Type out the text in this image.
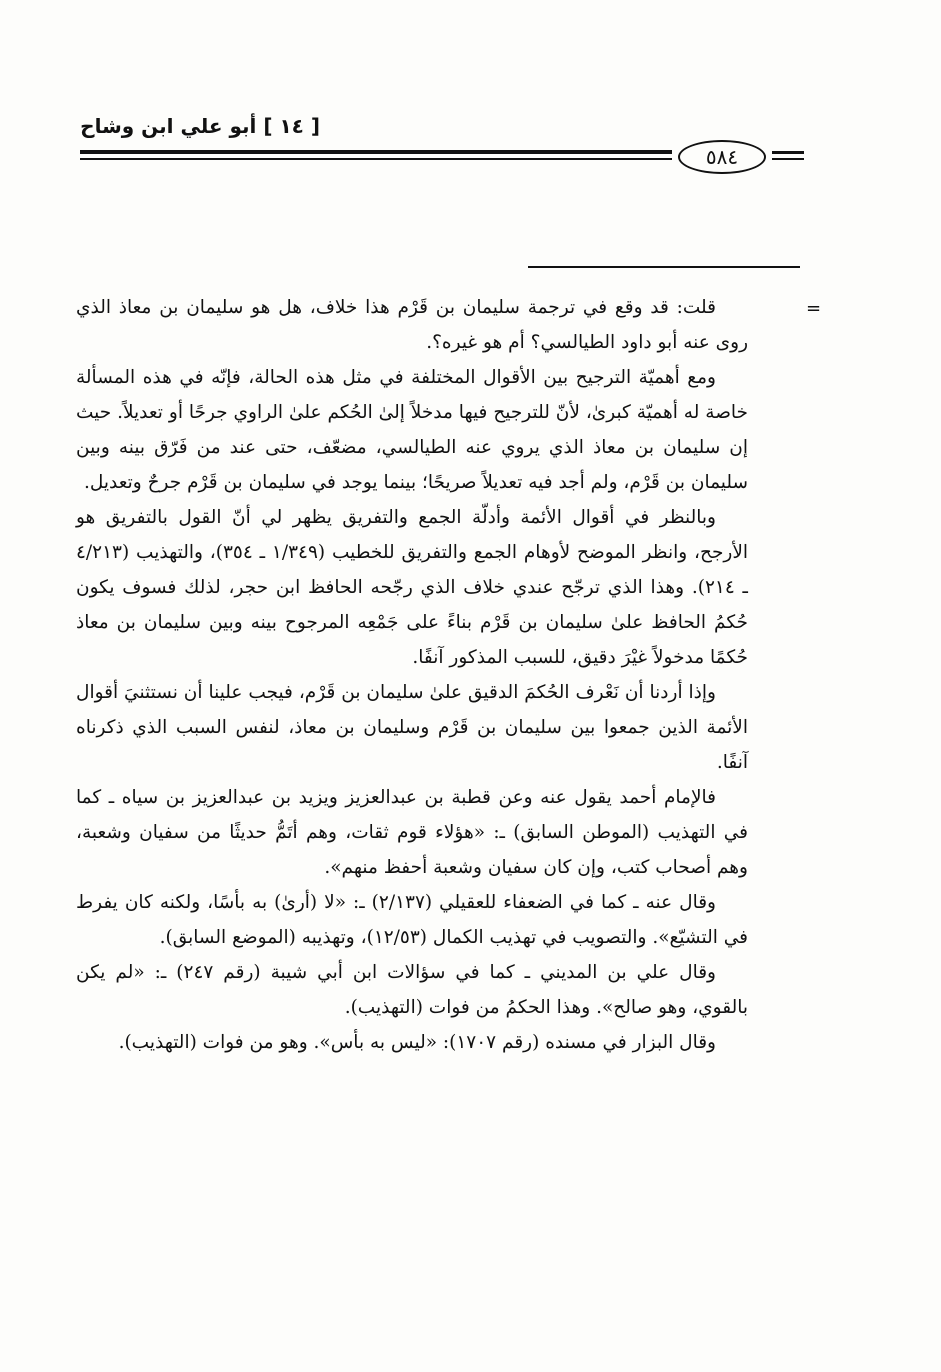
[ ١٤ ] أبو علي ابن وشاح
٥٨٤
=

قلت: قد وقع في ترجمة سليمان بن قَرْم هذا خلاف، هل هو سليمان بن معاذ الذي روى عنه أبو داود الطيالسي؟ أم هو غيره؟.

ومع أهميّة الترجيح بين الأقوال المختلفة في مثل هذه الحالة، فإنّه في هذه المسألة خاصة له أهميّة كبرىٰ، لأنّ للترجيح فيها مدخلاً إلىٰ الحُكم علىٰ الراوي جرحًا أو تعديلاً. حيث إن سليمان بن معاذ الذي يروي عنه الطيالسي، مضعّف، حتى عند من فَرّق بينه وبين سليمان بن قَرْم، ولم أجد فيه تعديلاً صريحًا؛ بينما يوجد في سليمان بن قَرْم جرحٌ وتعديل.

وبالنظر في أقوال الأئمة وأدلّة الجمع والتفريق يظهر لي أنّ القول بالتفريق هو الأرجح، وانظر الموضح لأوهام الجمع والتفريق للخطيب (١/٣٤٩ ـ ٣٥٤)، والتهذيب (٤/٢١٣ ـ ٢١٤). وهذا الذي ترجّح عندي خلاف الذي رجّحه الحافظ ابن حجر، لذلك فسوف يكون حُكمُ الحافظ علىٰ سليمان بن قَرْم بناءً على جَمْعِه المرجوح بينه وبين سليمان بن معاذ حُكمًا مدخولاً غيْرَ دقيق، للسبب المذكور آنفًا.

وإذا أردنا أن نَعْرف الحُكمَ الدقيق علىٰ سليمان بن قَرْم، فيجب علينا أن نستثنيَ أقوال الأئمة الذين جمعوا بين سليمان بن قَرْم وسليمان بن معاذ، لنفس السبب الذي ذكرناه آنفًا.

فالإمام أحمد يقول عنه وعن قطبة بن عبدالعزيز ويزيد بن عبدالعزيز بن سياه ـ كما في التهذيب (الموطن السابق) ـ: «هؤلاء قوم ثقات، وهم أتَمُّ حديثًا من سفيان وشعبة، وهم أصحاب كتب، وإن كان سفيان وشعبة أحفظ منهم».

وقال عنه ـ كما في الضعفاء للعقيلي (٢/١٣٧) ـ: «لا (أرىٰ) به بأسًا، ولكنه كان يفرط في التشيّع». والتصويب في تهذيب الكمال (١٢/٥٣)، وتهذيبه (الموضع السابق).

وقال علي بن المديني ـ كما في سؤالات ابن أبي شيبة (رقم ٢٤٧) ـ: «لم يكن بالقوي، وهو صالح». وهذا الحكمُ من فوات (التهذيب).

وقال البزار في مسنده (رقم ١٧٠٧): «ليس به بأس». وهو من فوات (التهذيب).
